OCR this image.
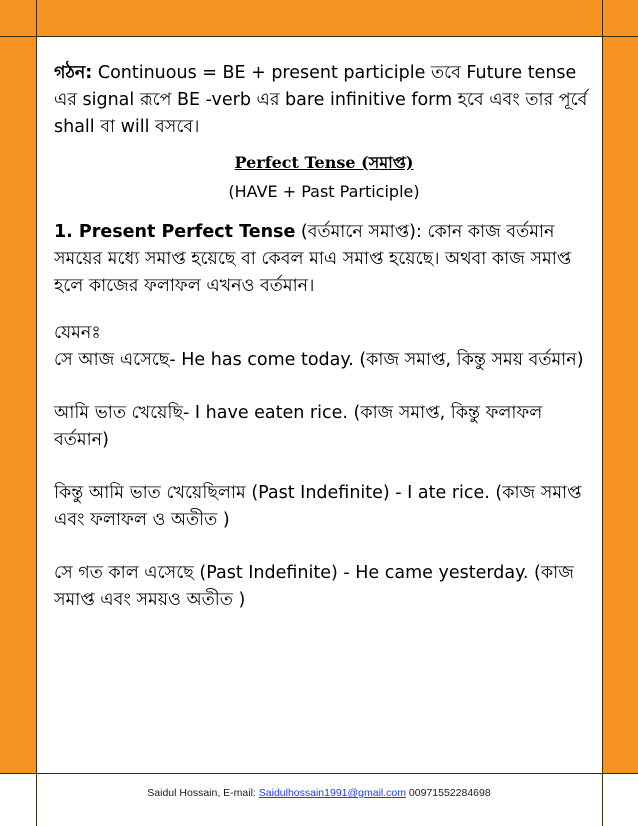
গঠন: Continuous = BE + present participle তবে Future tense এর signal রূপে BE -verb এর bare infinitive form হবে এবং তার পূর্বে shall বা will বসবে।

Perfect Tense (সমাপ্ত)

(HAVE + Past Participle)

1. Present Perfect Tense (বর্তমানে সমাপ্ত): কোন কাজ বর্তমান সময়ের মধ্যে সমাপ্ত হয়েছে বা কেবল মাএ সমাপ্ত হয়েছে। অথবা কাজ সমাপ্ত হলে কাজের ফলাফল এখনও বর্তমান।

যেমনঃ

সে আজ এসেছে- He has come today. (কাজ সমাপ্ত, কিন্তু সময় বর্তমান)

আমি ভাত খেয়েছি- I have eaten rice. (কাজ সমাপ্ত, কিন্তু ফলাফল বর্তমান)

কিন্তু আমি ভাত খেয়েছিলাম (Past Indefinite) - I ate rice. (কাজ সমাপ্ত এবং ফলাফল ও অতীত )

সে গত কাল এসেছে (Past Indefinite) - He came yesterday. (কাজ সমাপ্ত এবং সময়ও অতীত )

Saidul Hossain, E-mail: Saidulhossain1991@gmail.com 00971552284698
